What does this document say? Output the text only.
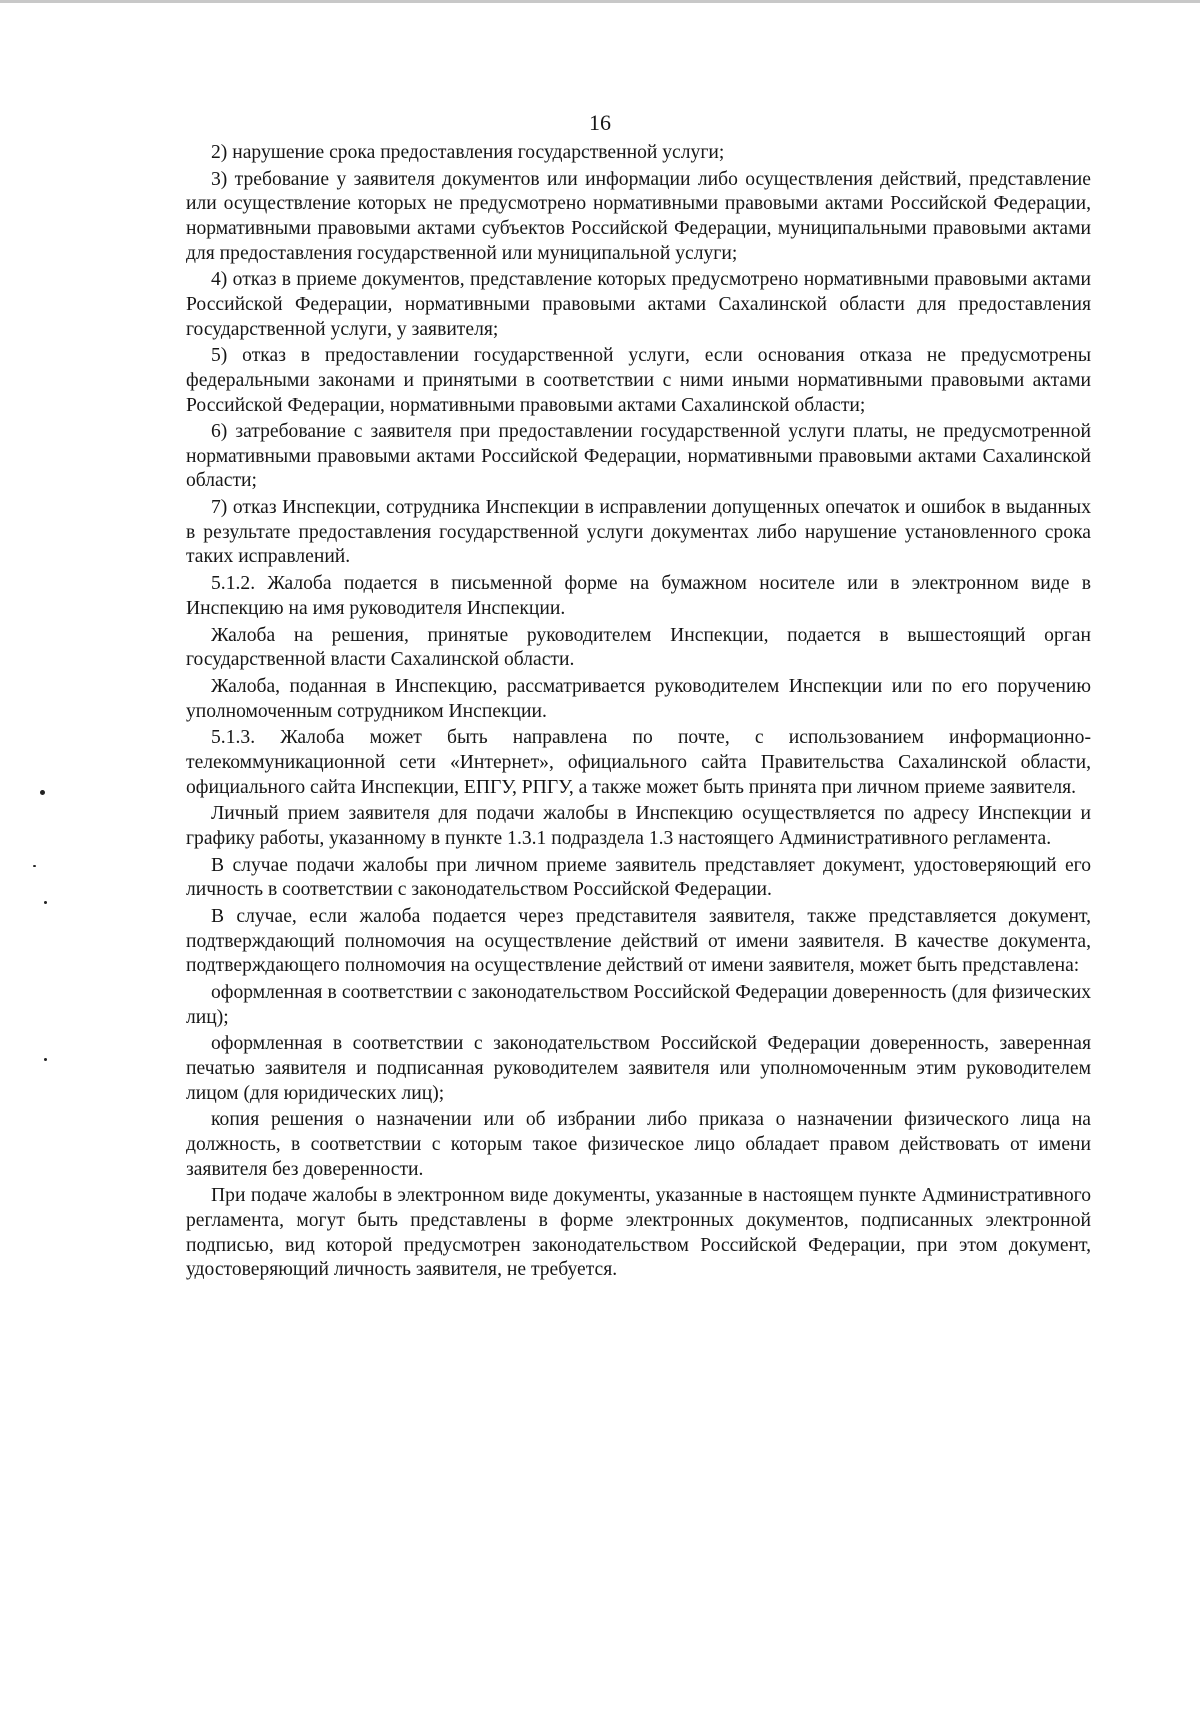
16

2) нарушение срока предоставления государственной услуги;

3) требование у заявителя документов или информации либо осуществления действий, представление или осуществление которых не предусмотрено нормативными правовыми актами Российской Федерации, нормативными правовыми актами субъектов Российской Федерации, муниципальными правовыми актами для предоставления государственной или муниципальной услуги;

4) отказ в приеме документов, представление которых предусмотрено нормативными правовыми актами Российской Федерации, нормативными правовыми актами Сахалинской области для предоставления государственной услуги, у заявителя;

5) отказ в предоставлении государственной услуги, если основания отказа не предусмотрены федеральными законами и принятыми в соответствии с ними иными нормативными правовыми актами Российской Федерации, нормативными правовыми актами Сахалинской области;

6) затребование с заявителя при предоставлении государственной услуги платы, не предусмотренной нормативными правовыми актами Российской Федерации, нормативными правовыми актами Сахалинской области;

7) отказ Инспекции, сотрудника Инспекции в исправлении допущенных опечаток и ошибок в выданных в результате предоставления государственной услуги документах либо нарушение установленного срока таких исправлений.

5.1.2. Жалоба подается в письменной форме на бумажном носителе или в электронном виде в Инспекцию на имя руководителя Инспекции.

Жалоба на решения, принятые руководителем Инспекции, подается в вышестоящий орган государственной власти Сахалинской области.

Жалоба, поданная в Инспекцию, рассматривается руководителем Инспекции или по его поручению уполномоченным сотрудником Инспекции.

5.1.3. Жалоба может быть направлена по почте, с использованием информационно-телекоммуникационной сети «Интернет», официального сайта Правительства Сахалинской области, официального сайта Инспекции, ЕПГУ, РПГУ, а также может быть принята при личном приеме заявителя.

Личный прием заявителя для подачи жалобы в Инспекцию осуществляется по адресу Инспекции и графику работы, указанному в пункте 1.3.1 подраздела 1.3 настоящего Административного регламента.

В случае подачи жалобы при личном приеме заявитель представляет документ, удостоверяющий его личность в соответствии с законодательством Российской Федерации.

В случае, если жалоба подается через представителя заявителя, также представляется документ, подтверждающий полномочия на осуществление действий от имени заявителя. В качестве документа, подтверждающего полномочия на осуществление действий от имени заявителя, может быть представлена:

оформленная в соответствии с законодательством Российской Федерации доверенность (для физических лиц);

оформленная в соответствии с законодательством Российской Федерации доверенность, заверенная печатью заявителя и подписанная руководителем заявителя или уполномоченным этим руководителем лицом (для юридических лиц);

копия решения о назначении или об избрании либо приказа о назначении физического лица на должность, в соответствии с которым такое физическое лицо обладает правом действовать от имени заявителя без доверенности.

При подаче жалобы в электронном виде документы, указанные в настоящем пункте Административного регламента, могут быть представлены в форме электронных документов, подписанных электронной подписью, вид которой предусмотрен законодательством Российской Федерации, при этом документ, удостоверяющий личность заявителя, не требуется.
